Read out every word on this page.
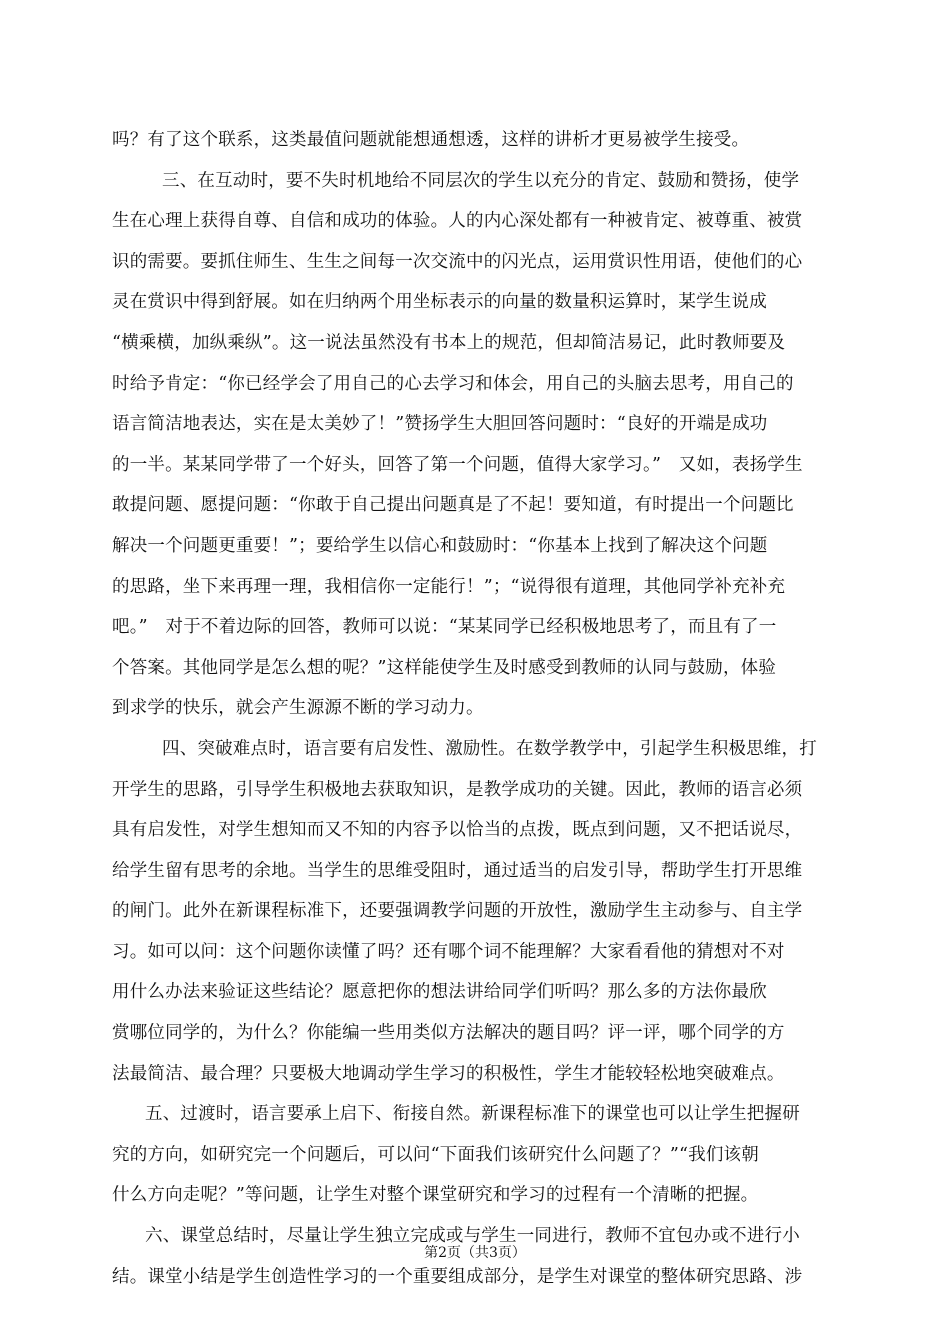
吗？有了这个联系，这类最值问题就能想通想透，这样的讲析才更易被学生接受。
三、在互动时，要不失时机地给不同层次的学生以充分的肯定、鼓励和赞扬，使学
生在心理上获得自尊、自信和成功的体验。人的内心深处都有一种被肯定、被尊重、被赏
识的需要。要抓住师生、生生之间每一次交流中的闪光点，运用赏识性用语，使他们的心
灵在赏识中得到舒展。如在归纳两个用坐标表示的向量的数量积运算时，某学生说成
“横乘横，加纵乘纵”。这一说法虽然没有书本上的规范，但却简洁易记，此时教师要及
时给予肯定：“你已经学会了用自己的心去学习和体会，用自己的头脑去思考，用自己的
语言简洁地表达，实在是太美妙了！”赞扬学生大胆回答问题时：“良好的开端是成功
的一半。某某同学带了一个好头，回答了第一个问题，值得大家学习。”　又如，表扬学生
敢提问题、愿提问题：“你敢于自己提出问题真是了不起！要知道，有时提出一个问题比
解决一个问题更重要！”；要给学生以信心和鼓励时：“你基本上找到了解决这个问题
的思路，坐下来再理一理，我相信你一定能行！”；“说得很有道理，其他同学补充补充
吧。”　对于不着边际的回答，教师可以说：“某某同学已经积极地思考了，而且有了一
个答案。其他同学是怎么想的呢？”这样能使学生及时感受到教师的认同与鼓励，体验
到求学的快乐，就会产生源源不断的学习动力。
四、突破难点时，语言要有启发性、激励性。在数学教学中，引起学生积极思维，打
开学生的思路，引导学生积极地去获取知识，是教学成功的关键。因此，教师的语言必须
具有启发性，对学生想知而又不知的内容予以恰当的点拨，既点到问题，又不把话说尽，
给学生留有思考的余地。当学生的思维受阻时，通过适当的启发引导，帮助学生打开思维
的闸门。此外在新课程标准下，还要强调教学问题的开放性，激励学生主动参与、自主学
习。如可以问：这个问题你读懂了吗？还有哪个词不能理解？大家看看他的猜想对不对
用什么办法来验证这些结论？愿意把你的想法讲给同学们听吗？那么多的方法你最欣
赏哪位同学的，为什么？你能编一些用类似方法解决的题目吗？评一评，哪个同学的方
法最简洁、最合理？只要极大地调动学生学习的积极性，学生才能较轻松地突破难点。
五、过渡时，语言要承上启下、衔接自然。新课程标准下的课堂也可以让学生把握研
究的方向，如研究完一个问题后，可以问“下面我们该研究什么问题了？”“我们该朝
什么方向走呢？”等问题，让学生对整个课堂研究和学习的过程有一个清晰的把握。
六、课堂总结时，尽量让学生独立完成或与学生一同进行，教师不宜包办或不进行小
结。课堂小结是学生创造性学习的一个重要组成部分，是学生对课堂的整体研究思路、涉
第2页（共3页）
